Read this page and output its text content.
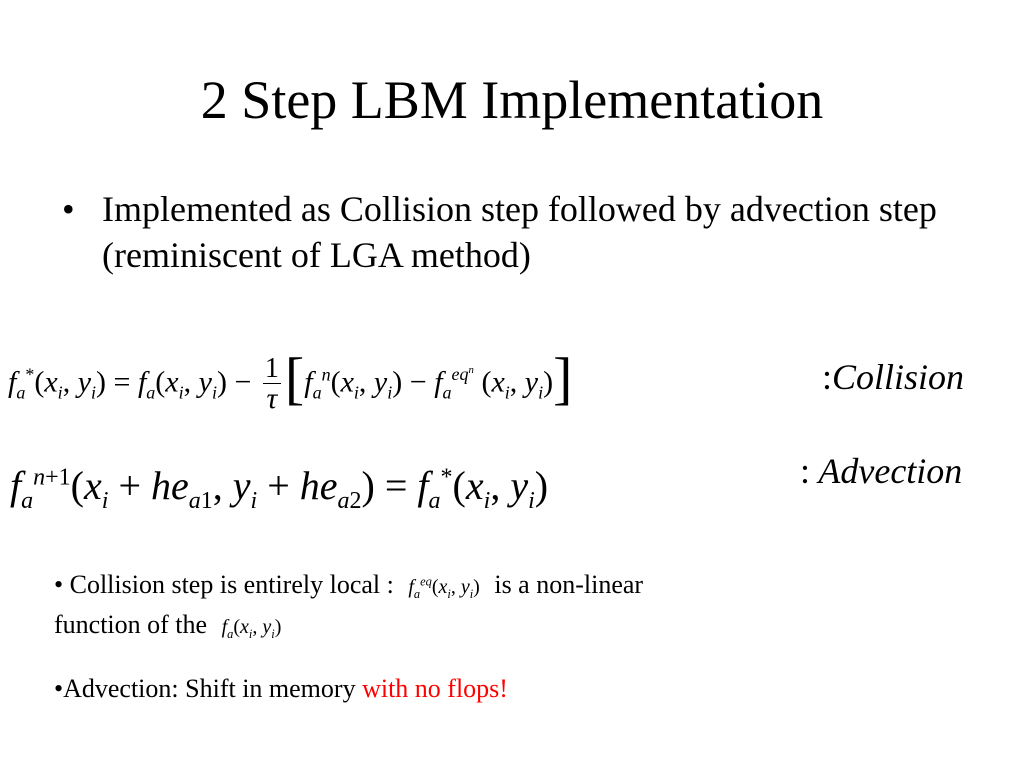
2 Step LBM Implementation
• Implemented as Collision step followed by advection step (reminiscent of LGA method)
$f_a^*(x_i$, $y_i) = f_a(x_i$, $y_i) - \frac{1}{\tau} [f_a^n(x_i$, $y_i) - f_a^{eq^n}$ ($x_i$, $y_i$)]	:Collision
$f_a^{n+1}(x_i + he_{a1}$, $y_i + he_{a2}) = f_a^*(x_i$, $y_i$)	: Advection
• Collision step is entirely local : $f_a^{eq}(x_i$, $y_i$) is a non-linear
function of the $f_a(x_i$, $y_i$)
•Advection: Shift in memory with no flops!
